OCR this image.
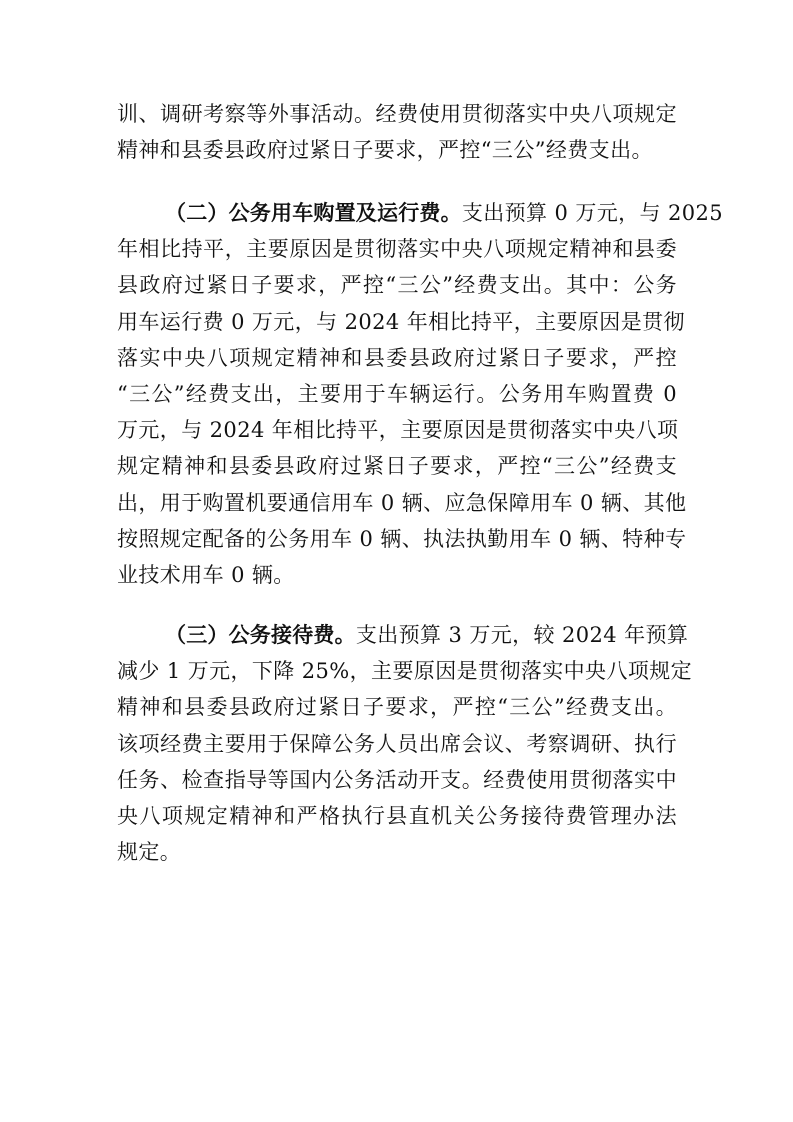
训、调研考察等外事活动。经费使用贯彻落实中央八项规定
精神和县委县政府过紧日子要求，严控“三公”经费支出。
（二）公务用车购置及运行费。支出预算 0 万元，与 2025
年相比持平，主要原因是贯彻落实中央八项规定精神和县委
县政府过紧日子要求，严控“三公”经费支出。其中：公务
用车运行费 0 万元，与 2024 年相比持平，主要原因是贯彻
落实中央八项规定精神和县委县政府过紧日子要求，严控
“三公”经费支出，主要用于车辆运行。公务用车购置费 0
万元，与 2024 年相比持平，主要原因是贯彻落实中央八项
规定精神和县委县政府过紧日子要求，严控“三公”经费支
出，用于购置机要通信用车 0 辆、应急保障用车 0 辆、其他
按照规定配备的公务用车 0 辆、执法执勤用车 0 辆、特种专
业技术用车 0 辆。
（三）公务接待费。支出预算 3 万元，较 2024 年预算
减少 1 万元，下降 25%，主要原因是贯彻落实中央八项规定
精神和县委县政府过紧日子要求，严控“三公”经费支出。
该项经费主要用于保障公务人员出席会议、考察调研、执行
任务、检查指导等国内公务活动开支。经费使用贯彻落实中
央八项规定精神和严格执行县直机关公务接待费管理办法
规定。
